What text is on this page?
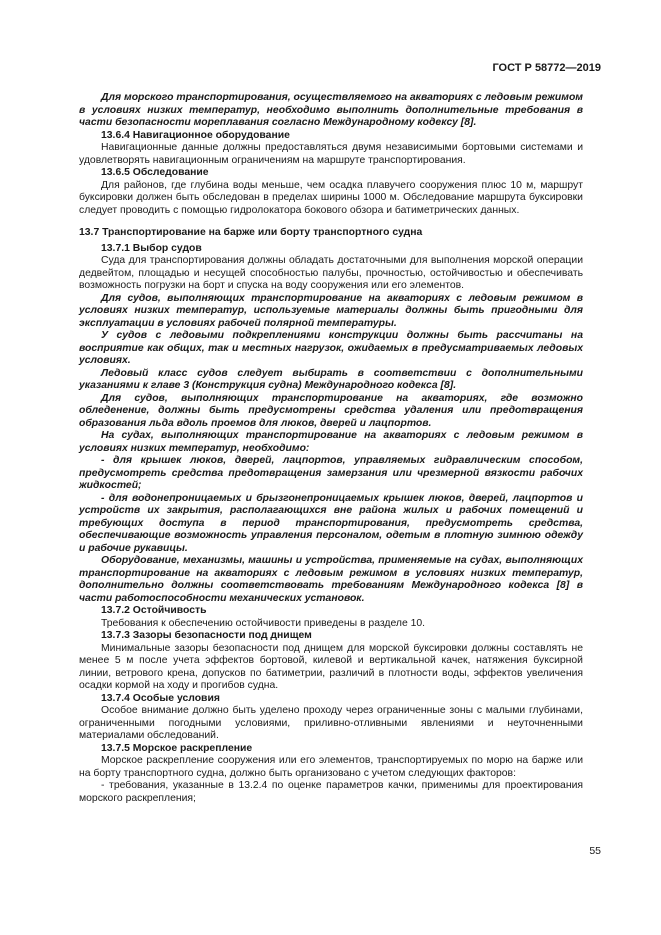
ГОСТ Р 58772—2019

Для морского транспортирования, осуществляемого на акваториях с ледовым режимом в условиях низких температур, необходимо выполнить дополнительные требования в части безопасности мореплавания согласно Международному кодексу [8].

13.6.4 Навигационное оборудование

Навигационные данные должны предоставляться двумя независимыми бортовыми системами и удовлетворять навигационным ограничениям на маршруте транспортирования.

13.6.5 Обследование

Для районов, где глубина воды меньше, чем осадка плавучего сооружения плюс 10 м, маршрут буксировки должен быть обследован в пределах ширины 1000 м. Обследование маршрута буксировки следует проводить с помощью гидролокатора бокового обзора и батиметрических данных.

13.7 Транспортирование на барже или борту транспортного судна

13.7.1 Выбор судов

Суда для транспортирования должны обладать достаточными для выполнения морской операции дедвейтом, площадью и несущей способностью палубы, прочностью, остойчивостью и обеспечивать возможность погрузки на борт и спуска на воду сооружения или его элементов.

Для судов, выполняющих транспортирование на акваториях с ледовым режимом в условиях низких температур, используемые материалы должны быть пригодными для эксплуатации в условиях рабочей полярной температуры.

У судов с ледовыми подкреплениями конструкции должны быть рассчитаны на восприятие как общих, так и местных нагрузок, ожидаемых в предусматриваемых ледовых условиях.

Ледовый класс судов следует выбирать в соответствии с дополнительными указаниями к главе 3 (Конструкция судна) Международного кодекса [8].

Для судов, выполняющих транспортирование на акваториях, где возможно обледенение, должны быть предусмотрены средства удаления или предотвращения образования льда вдоль проемов для люков, дверей и лацпортов.

На судах, выполняющих транспортирование на акваториях с ледовым режимом в условиях низких температур, необходимо:

- для крышек люков, дверей, лацпортов, управляемых гидравлическим способом, предусмотреть средства предотвращения замерзания или чрезмерной вязкости рабочих жидкостей;

- для водонепроницаемых и брызгонепроницаемых крышек люков, дверей, лацпортов и устройств их закрытия, располагающихся вне района жилых и рабочих помещений и требующих доступа в период транспортирования, предусмотреть средства, обеспечивающие возможность управления персоналом, одетым в плотную зимнюю одежду и рабочие рукавицы.

Оборудование, механизмы, машины и устройства, применяемые на судах, выполняющих транспортирование на акваториях с ледовым режимом в условиях низких температур, дополнительно должны соответствовать требованиям Международного кодекса [8] в части работоспособности механических установок.

13.7.2 Остойчивость

Требования к обеспечению остойчивости приведены в разделе 10.

13.7.3 Зазоры безопасности под днищем

Минимальные зазоры безопасности под днищем для морской буксировки должны составлять не менее 5 м после учета эффектов бортовой, килевой и вертикальной качек, натяжения буксирной линии, ветрового крена, допусков по батиметрии, различий в плотности воды, эффектов увеличения осадки кормой на ходу и прогибов судна.

13.7.4 Особые условия

Особое внимание должно быть уделено проходу через ограниченные зоны с малыми глубинами, ограниченными погодными условиями, приливно-отливными явлениями и неуточненными материалами обследований.

13.7.5 Морское раскрепление

Морское раскрепление сооружения или его элементов, транспортируемых по морю на барже или на борту транспортного судна, должно быть организовано с учетом следующих факторов:

- требования, указанные в 13.2.4 по оценке параметров качки, применимы для проектирования морского раскрепления;

55
